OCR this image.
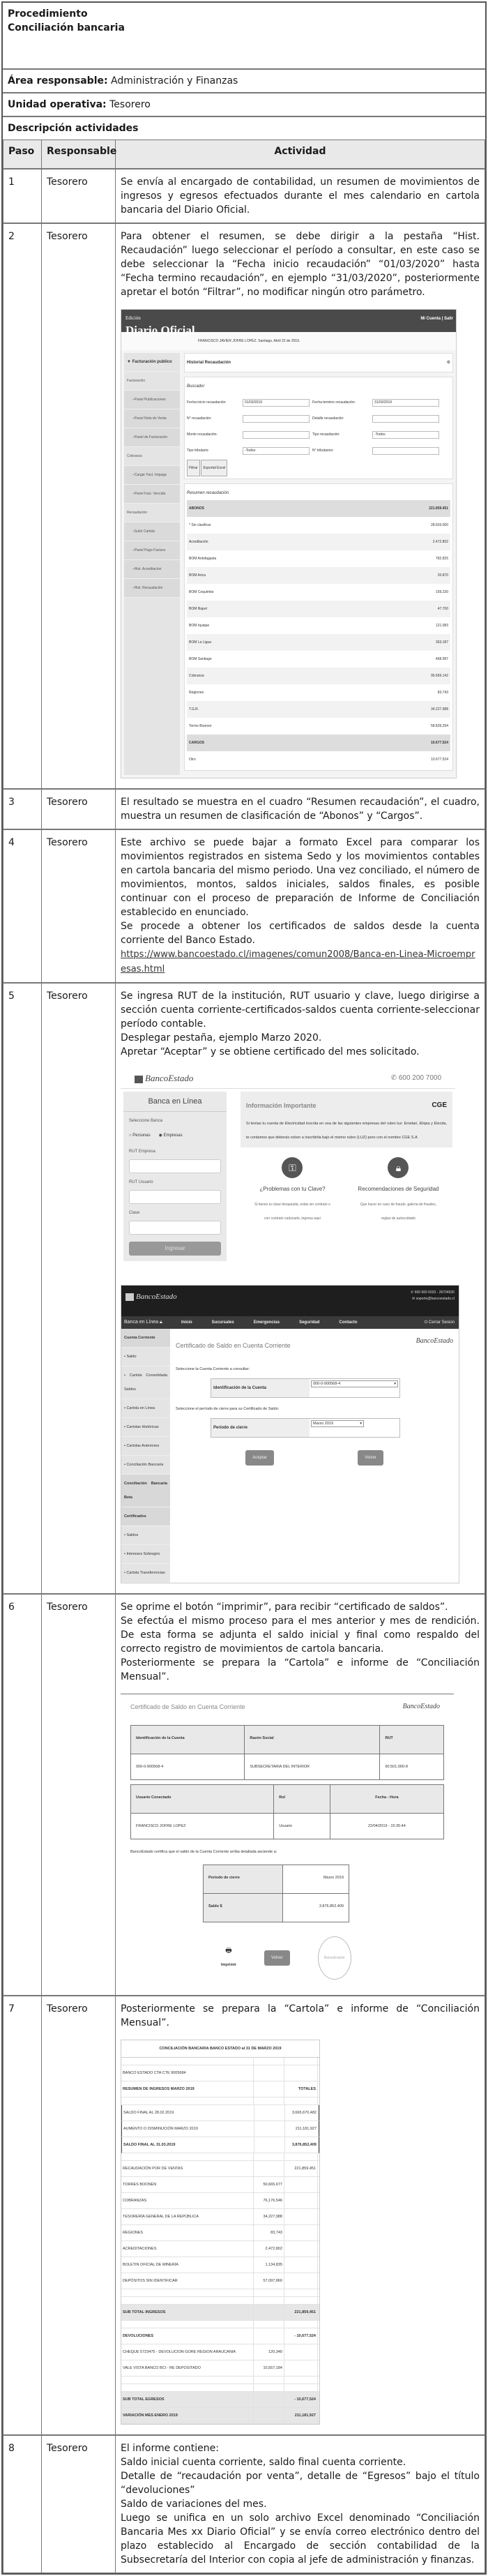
Procedimiento
Conciliación bancaria
Área responsable: Administración y Finanzas
Unidad operativa: Tesorero
Descripción actividades
Paso	Responsable	Actividad
1	Tesorero	Se envía al encargado de contabilidad, un resumen de movimientos de ingresos y egresos efectuados durante el mes calendario en cartola bancaria del Diario Oficial.

2	Tesorero	Para obtener el resumen, se debe dirigir a la pestaña “Hist. Recaudación” luego seleccionar el período a consultar, en este caso se debe seleccionar la “Fecha inicio recaudación” “01/03/2020” hasta “Fecha termino recaudación”, en ejemplo “31/03/2020”, posteriormente apretar el botón “Filtrar”, no modificar ningún otro parámetro.

Edición
Diario Oficial
Mi Cuenta | Salir
FRANCISCO JAVIER JOFRE LOPEZ. Santiago, Abril 22 de 2019.
▼ Facturación publico
Facturación
–Panel Publicaciones
–Panel Nota de Venta
–Panel de Facturación
Cobranza
–Cargar Fact. Impaga
–Panel Fact. Vencida
Recaudacion
–Subir Cartola
–Panel Pago Factura
–Hist. Acreditacion
–Hist. Recaudación
Historial Recaudación	⚙
Buscador
Fecha inicio recaudación:	01/03/2019	Fecha termino recaudación:	31/03/2019
N° recaudación:	Detalle recaudación:
Monto recaudación:	Tipo recaudación:	-Todos-
Tipo tributario:	-Todos-	N° tributarion:
Filtrar Exportal Excel
Resumen recaudación
ABONOS	221.859.451
* Sin clasificar	28.603.000
Acreditación	2.472.802
BOM Antofagasta	782.825
BOM Arica	20.870
BOM Coquimbo	159.230
BOM Illapel	47.700
BOM Iquique	121.083
BOM La Ligua	363.187
BOM Santiago	468.587
Cobranza	95.669.142
Regiones	83.743
T.G.R.	34.227.988
Torres Boonen	58.839.294
CARGOS	10.677.524
Otro	10.677.524

3	Tesorero	El resultado se muestra en el cuadro “Resumen recaudación”, el cuadro, muestra un resumen de clasificación de “Abonos” y “Cargos”.

4	Tesorero	Este archivo se puede bajar a formato Excel para comparar los movimientos registrados en sistema Sedo y los movimientos contables en cartola bancaria del mismo periodo. Una vez conciliado, el número de movimientos, montos, saldos iniciales, saldos finales, es posible continuar con el proceso de preparación de Informe de Conciliación establecido en enunciado.

Se procede a obtener los certificados de saldos desde la cuenta corriente del Banco Estado.

https://www.bancoestado.cl/imagenes/comun2008/Banca-en-Linea-Microempresas.html
5	Tesorero	Se ingresa RUT de la institución, RUT usuario y clave, luego dirigirse a sección cuenta corriente-certificados-saldos cuenta corriente-seleccionar período contable.

Desplegar pestaña, ejemplo Marzo 2020.

Apretar “Aceptar” y se obtiene certificado del mes solicitado.

BancoEstado	✆ 600 200 7000
Banca en Línea
Seleccione Banca
○ Personas ◉ Empresas
RUT Empresa
RUT Usuario
Clave
Ingresar
Información Importante	CGE

Si tenías tu cuenta de Electricidad inscrita en una de las siguientes empresas del rubro luz: Emelari, Eliqsa y Elecda, te contamos que deberás volver a inscribirla bajo el mismo rubro (LUZ) pero con el nombre CGE S.A

⚿
¿Problemas con tu Clave?
Si tienes tu clave bloqueada, estás sin contrato o con contrato caducado, ingresa aquí
🔒︎
Recomendaciones de Seguridad
Que hacer en caso de fraude, galería de fraudes, reglas de autocuidado
BancoEstado	✆ 600 660 0033 - 26704535
✉ soporte@bancoestado.cl
Banca en Línea 🔒︎	Inicio	Sucursales	Emergencias	Seguridad	Contacto	⏻ Cerrar Sesion
Cuenta Corriente
• Saldo
• Cartola Consolidada Saldos
• Cartola en Línea
• Cartolas Históricas
• Cartolas Anteriores
• Conciliación Bancaria
Conciliación Bancaria Beta
Certificados
• Saldos
• Intereses Sobregiro
• Cartola Transferencias
BancoEstado
Certificado de Saldo en Cuenta Corriente
Seleccione la Cuenta Corriente a consultar:
Identificación de la Cuenta
000-0-900568-4	▾
Seleccione el período de cierre para su Certificado de Saldo:
Período de cierre
Marzo 2019	▾
Aceptar	Volver

6	Tesorero	Se oprime el botón “imprimir”, para recibir “certificado de saldos”.

Se efectúa el mismo proceso para el mes anterior y mes de rendición. De esta forma se adjunta el saldo inicial y final como respaldo del correcto registro de movimientos de cartola bancaria.

Posteriormente se prepara la “Cartola” e informe de “Conciliación Mensual”.

BancoEstado
Certificado de Saldo en Cuenta Corriente
Identificación de la Cuenta	Razón Social	RUT
000-0-900568-4	SUBSECRETARIA DEL INTERIOR	60.501.000-8
Usuario Conectado	Rol	Fecha - Hora
FRANCISCO JOFRE LOPEZ	Usuario	22/04/2019 - 15:35:44
BancoEstado certifica que el saldo de la Cuenta Corriente arriba detallada asciende a:
Período de cierre	Marzo 2019
Saldo $	3.876.852.409
🖶
Imprimir
Volver	BancoEstado

7	Tesorero	Posteriormente se prepara la “Cartola” e informe de “Conciliación Mensual”.

CONCILIACIÓN BANCARIA BANCO ESTADO al 31 DE MARZO 2019
BANCO ESTADO CTA CTE 9005684
RESUMEN DE INGRESOS MARZO 2019	TOTALES
SALDO FINAL AL 28.02.2019	3,665,670,482
AUMENTO O DISMINUCIÓN MARZO 2019	211,181,927
SALDO FINAL AL 31.03.2019	3,876,852,409
RECAUDACIÓN POR DE VENTAS	221,859,451
TORRES BOONEN	50,665,677
COBRANZAS	76,176,546
TESORERÍA GENERAL DE LA REPÚBLICA	34,227,988
REGIONES	83,743
ACREDITACIONES	2,472,802
BOLETIN OFICIAL DE MINERÍA	1,134,835
DEPÓSITOS SIN IDENTIFICAR	57,097,860
SUB TOTAL INGRESOS	221,859,451
DEVOLUCIONES	- 10,677,524
CHEQUE 5723475 - DEVOLUCION GORE REGION ARAUCANIA	120,340
VALE VISTA BANCO BCI - RE DEPOSITADO	10,557,184
SUB TOTAL EGRESOS	- 10,677,524
VARIACIÓN MES ENERO 2019	211,181,927

8	Tesorero	El informe contiene:

Saldo inicial cuenta corriente, saldo final cuenta corriente.

Detalle de “recaudación por venta”, detalle de “Egresos” bajo el título “devoluciones”

Saldo de variaciones del mes.

Luego se unifica en un solo archivo Excel denominado “Conciliación Bancaria Mes xx Diario Oficial” y se envía correo electrónico dentro del plazo establecido al Encargado de sección contabilidad de la Subsecretaría del Interior con copia al jefe de administración y finanzas.
